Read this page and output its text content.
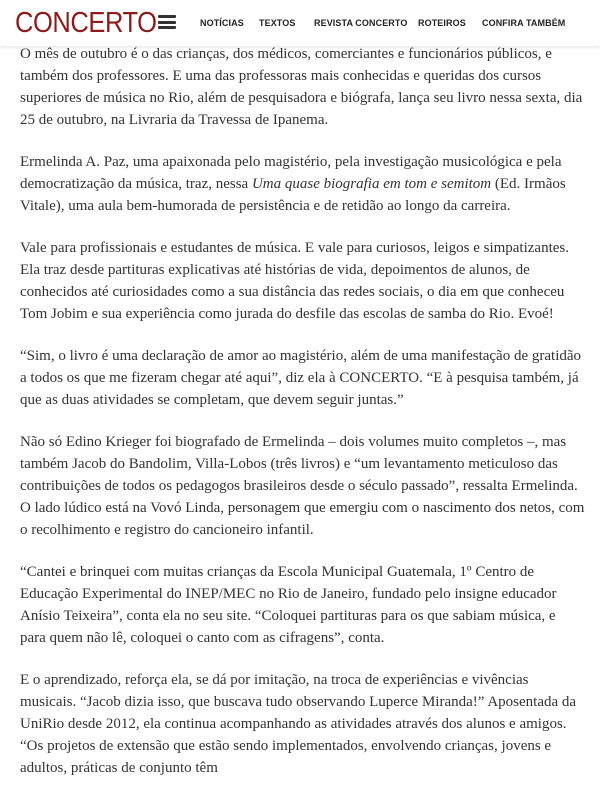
CONCERTO	NOTÍCIAS TEXTOS REVISTA CONCERTO ROTEIROS CONFIRA TAMBÉM

O mês de outubro é o das crianças, dos médicos, comerciantes e funcionários públicos, e também dos professores. E uma das professoras mais conhecidas e queridas dos cursos superiores de música no Rio, além de pesquisadora e biógrafa, lança seu livro nessa sexta, dia 25 de outubro, na Livraria da Travessa de Ipanema.

Ermelinda A. Paz, uma apaixonada pelo magistério, pela investigação musicológica e pela democratização da música, traz, nessa Uma quase biografia em tom e semitom (Ed. Irmãos Vitale), uma aula bem-humorada de persistência e de retidão ao longo da carreira.

Vale para profissionais e estudantes de música. E vale para curiosos, leigos e simpatizantes. Ela traz desde partituras explicativas até histórias de vida, depoimentos de alunos, de conhecidos até curiosidades como a sua distância das redes sociais, o dia em que conheceu Tom Jobim e sua experiência como jurada do desfile das escolas de samba do Rio. Evoé!

“Sim, o livro é uma declaração de amor ao magistério, além de uma manifestação de gratidão a todos os que me fizeram chegar até aqui”, diz ela à CONCERTO. “E à pesquisa também, já que as duas atividades se completam, que devem seguir juntas.”

Não só Edino Krieger foi biografado de Ermelinda – dois volumes muito completos –, mas também Jacob do Bandolim, Villa-Lobos (três livros) e “um levantamento meticuloso das contribuições de todos os pedagogos brasileiros desde o século passado”, ressalta Ermelinda. O lado lúdico está na Vovó Linda, personagem que emergiu com o nascimento dos netos, com o recolhimento e registro do cancioneiro infantil.

“Cantei e brinquei com muitas crianças da Escola Municipal Guatemala, 1º Centro de Educação Experimental do INEP/MEC no Rio de Janeiro, fundado pelo insigne educador Anísio Teixeira”, conta ela no seu site. “Coloquei partituras para os que sabiam música, e para quem não lê, coloquei o canto com as cifragens”, conta.

E o aprendizado, reforça ela, se dá por imitação, na troca de experiências e vivências musicais. “Jacob dizia isso, que buscava tudo observando Luperce Miranda!” Aposentada da UniRio desde 2012, ela continua acompanhando as atividades através dos alunos e amigos. “Os projetos de extensão que estão sendo implementados, envolvendo crianças, jovens e adultos, práticas de conjunto têm
